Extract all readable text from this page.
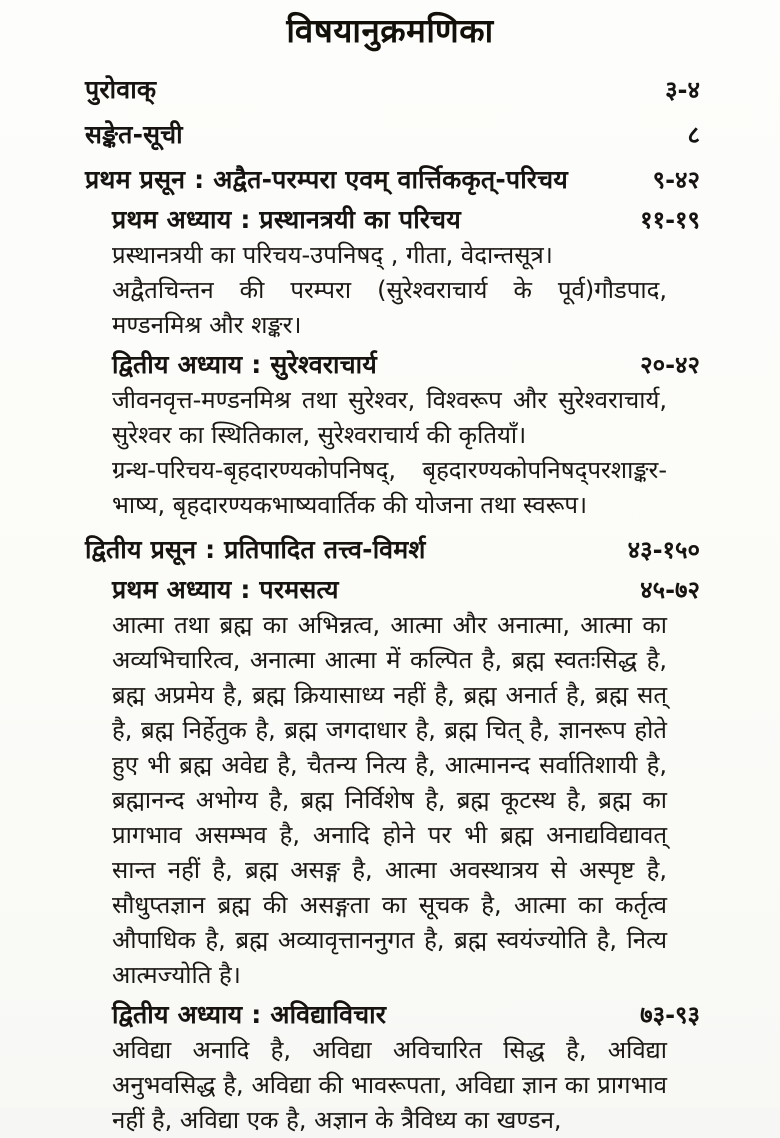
विषयानुक्रमणिका
पुरोवाक्	३-४
सङ्केत-सूची	८
प्रथम प्रसून : अद्वैत-परम्परा एवम् वार्त्तिककृत्-परिचय	९-४२
प्रथम अध्याय : प्रस्थानत्रयी का परिचय	११-१९
प्रस्थानत्रयी का परिचय-उपनिषद् , गीता, वेदान्तसूत्र।
अद्वैतचिन्तन की परम्परा (सुरेश्वराचार्य के पूर्व)गौडपाद, मण्डनमिश्र और शङ्कर।
द्वितीय अध्याय : सुरेश्वराचार्य	२०-४२
जीवनवृत्त-मण्डनमिश्र तथा सुरेश्वर, विश्वरूप और सुरेश्वराचार्य, सुरेश्वर का स्थितिकाल, सुरेश्वराचार्य की कृतियाँ।
ग्रन्थ-परिचय-बृहदारण्यकोपनिषद्, बृहदारण्यकोपनिषद्परशाङ्कर-भाष्य, बृहदारण्यकभाष्यवार्तिक की योजना तथा स्वरूप।
द्वितीय प्रसून : प्रतिपादित तत्त्व-विमर्श	४३-१५०
प्रथम अध्याय : परमसत्य	४५-७२
आत्मा तथा ब्रह्म का अभिन्नत्व, आत्मा और अनात्मा, आत्मा का अव्यभिचारित्व, अनात्मा आत्मा में कल्पित है, ब्रह्म स्वतःसिद्ध है, ब्रह्म अप्रमेय है, ब्रह्म क्रियासाध्य नहीं है, ब्रह्म अनार्त है, ब्रह्म सत् है, ब्रह्म निर्हेतुक है, ब्रह्म जगदाधार है, ब्रह्म चित् है, ज्ञानरूप होते हुए भी ब्रह्म अवेद्य है, चैतन्य नित्य है, आत्मानन्द सर्वातिशायी है, ब्रह्मानन्द अभोग्य है, ब्रह्म निर्विशेष है, ब्रह्म कूटस्थ है, ब्रह्म का प्रागभाव असम्भव है, अनादि होने पर भी ब्रह्म अनाद्यविद्यावत् सान्त नहीं है, ब्रह्म असङ्ग है, आत्मा अवस्थात्रय से अस्पृष्ट है, सौधुप्तज्ञान ब्रह्म की असङ्गता का सूचक है, आत्मा का कर्तृत्व औपाधिक है, ब्रह्म अव्यावृत्ताननुगत है, ब्रह्म स्वयंज्योति है, नित्य आत्मज्योति है।
द्वितीय अध्याय : अविद्याविचार	७३-९३
अविद्या अनादि है, अविद्या अविचारित सिद्ध है, अविद्या अनुभवसिद्ध है, अविद्या की भावरूपता, अविद्या ज्ञान का प्रागभाव नहीं है, अविद्या एक है, अज्ञान के त्रैविध्य का खण्डन,
